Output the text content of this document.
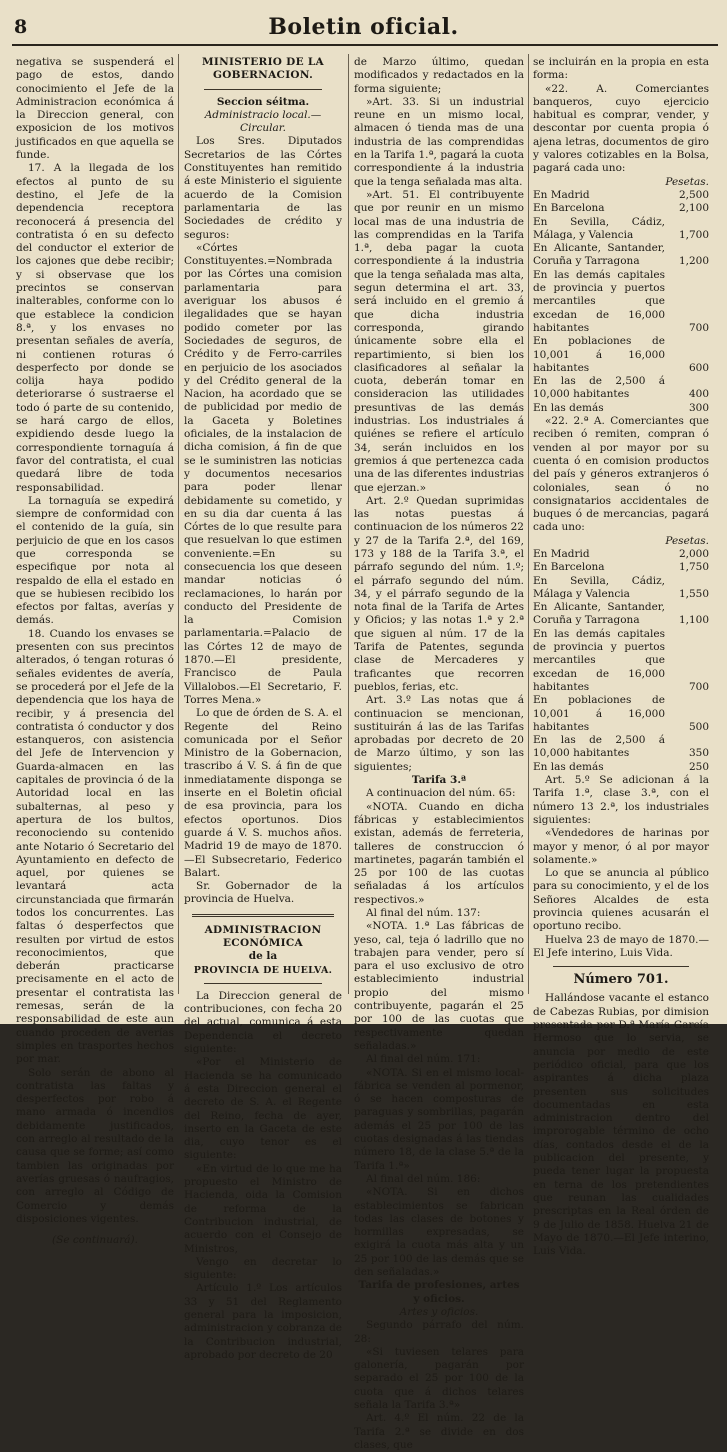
8	Boletin oficial.

negativa se suspenderá el pago de estos, dando conocimiento el Jefe de la Administracion económica á la Direccion general, con exposicion de los motivos justificados en que aquella se funde.

17. A la llegada de los efectos al punto de su destino, el Jefe de la dependencia receptora reconocerá á presencia del contratista ó en su defecto del conductor el exterior de los cajones que debe recibir; y si observase que los precintos se conservan inalterables, conforme con lo que establece la condicion 8.ª, y los envases no presentan señales de avería, ni contienen roturas ó desperfecto por donde se colija haya podido deteriorarse ó sustraerse el todo ó parte de su contenido, se hará cargo de ellos, expidiendo desde luego la correspondiente tornaguía á favor del contratista, el cual quedará libre de toda responsabilidad.

La tornaguía se expedirá siempre de conformidad con el contenido de la guía, sin perjuicio de que en los casos que corresponda se especifique por nota al respaldo de ella el estado en que se hubiesen recibido los efectos por faltas, averías y demás.

18. Cuando los envases se presenten con sus precintos alterados, ó tengan roturas ó señales evidentes de avería, se procederá por el Jefe de la dependencia que los haya de recibir, y á presencia del contratista ó conductor y dos estanqueros, con asistencia del Jefe de Intervencion y Guarda-almacen en las capitales de provincia ó de la Autoridad local en las subalternas, al peso y apertura de los bultos, reconociendo su contenido ante Notario ó Secretario del Ayuntamiento en defecto de aquel, por quienes se levantará acta circunstanciada que firmarán todos los concurrentes. Las faltas ó desperfectos que resulten por virtud de estos reconocimientos, que deberán practicarse precisamente en el acto de presentar el contratista las remesas, serán de la responsabilidad de este aun cuando proceden de averías simples en trasportes hechos por mar.

Solo serán de abono al contratista las faltas y desperfectos por robo á mano armada ó incendios debidamente justificados, con arreglo al resultado de la causa que se forme; así como tambien las originadas por averías gruesas ó naufragios, con arreglo al Código de Comercio y demás disposiciones vigentes.

(Se continuará).

MINISTERIO DE LA GOBERNACION.

Seccion séitma.

Administracio local.—Circular.

Los Sres. Diputados Secretarios de las Córtes Constituyentes han remitido á este Ministerio el siguiente acuerdo de la Comision parlamentaria de las Sociedades de crédito y seguros:

«Córtes Constituyentes.=Nombrada por las Córtes una comision parlamentaria para averiguar los abusos é ilegalidades que se hayan podido cometer por las Sociedades de seguros, de Crédito y de Ferro-carriles en perjuicio de los asociados y del Crédito general de la Nacion, ha acordado que se de publicidad por medio de la Gaceta y Boletines oficiales, de la instalacion de dicha comision, á fin de que se le suministren las noticias y documentos necesarios para poder llenar debidamente su cometido, y en su dia dar cuenta á las Córtes de lo que resulte para que resuelvan lo que estimen conveniente.=En su consecuencia los que deseen mandar noticias ó reclamaciones, lo harán por conducto del Presidente de la Comision parlamentaria.=Palacio de las Córtes 12 de mayo de 1870.—El presidente, Francisco de Paula Villalobos.—El Secretario, F. Torres Mena.»

Lo que de órden de S. A. el Regente del Reino comunicada por el Señor Ministro de la Gobernacion, trascribo á V. S. á fin de que inmediatamente disponga se inserte en el Boletin oficial de esa provincia, para los efectos oportunos. Dios guarde á V. S. muchos años. Madrid 19 de mayo de 1870.—El Subsecretario, Federico Balart.

Sr. Gobernador de la provincia de Huelva.

ADMINISTRACION ECONÓMICA

de la

PROVINCIA DE HUELVA.

La Direccion general de contribuciones, con fecha 20 del actual, comunica á esta Dependencia el decreto siguiente:

«Por el Ministerio de Hacienda se ha comunicado á esta Direccion general el decreto de S. A. el Regente del Reino, fecha de ayer, inserto en la Gaceta de este dia, cuyo tenor es el siguiente:

«En virtud de lo que me ha propuesto el Ministro de Hacienda, oida la Comision de reforma de la Contribucion industrial, de acuerdo con el Consejo de Ministros,

Vengo en decretar lo siguiente:

Artículo 1.º Los artículos 33 y 51 del Reglamento general para la imposicion, administracion y cobranza de la Contribucion industrial, aprobado por decreto de 20

de Marzo último, quedan modificados y redactados en la forma siguiente;

»Art. 33. Si un industrial reune en un mismo local, almacen ó tienda mas de una industria de las comprendidas en la Tarifa 1.ª, pagará la cuota correspondiente á la industria que la tenga señalada mas alta.

»Art. 51. El contribuyente que por reunir en un mismo local mas de una industria de las comprendidas en la Tarifa 1.ª, deba pagar la cuota correspondiente á la industria que la tenga señalada mas alta, segun determina el art. 33, será incluido en el gremio á que dicha industria corresponda, girando únicamente sobre ella el repartimiento, si bien los clasificadores al señalar la cuota, deberán tomar en consideracion las utilidades presuntivas de las demás industrias. Los industriales á quiénes se refiere el artículo 34, serán incluidos en los gremios á que pertenezca cada una de las diferentes industrias que ejerzan.»

Art. 2.º Quedan suprimidas las notas puestas á continuacion de los números 22 y 27 de la Tarifa 2.ª, del 169, 173 y 188 de la Tarifa 3.ª, el párrafo segundo del núm. 1.º; el párrafo segundo del núm. 34, y el párrafo segundo de la nota final de la Tarifa de Artes y Oficios; y las notas 1.ª y 2.ª que siguen al núm. 17 de la Tarifa de Patentes, segunda clase de Mercaderes y traficantes que recorren pueblos, ferias, etc.

Art. 3.º Las notas que á continuacion se mencionan, sustituirán á las de las Tarifas aprobadas por decreto de 20 de Marzo último, y son las siguientes;

Tarifa 3.ª

A continuacion del núm. 65:

«NOTA. Cuando en dicha fábricas y establecimientos existan, además de ferreteria, talleres de construccion ó martinetes, pagarán también el 25 por 100 de las cuotas señaladas á los artículos respectivos.»

Al final del núm. 137:

«NOTA. 1.ª Las fábricas de yeso, cal, teja ó ladrillo que no trabajen para vender, pero sí para el uso exclusivo de otro establecimiento industrial propio del mismo contribuyente, pagarán el 25 por 100 de las cuotas que respectivamente quedan señaladas.»

Al final del núm. 171:

«NOTA. Si en el mismo local-fábrica se venden al pormenor, ó se hacen composturas de paraguas y sombrillas, pagarán además el 25 por 100 de las cuotas designadas á las tiendas número 18, de la clase 5.ª de la Tarifa 1.ª»

Al final del núm. 186:

«NOTA. Si en dichos establecimientos se fabrican todas las clases de botones y hormillas expresadas, se exigirá la cuota más alta y un 25 por 100 de las demás que se den señaladas.»

Tarifa de profesiones, artes y oficios.

Artes y oficios.

Segundo párrafo del núm. 28:

«Si tuviesen telares para galonería, pagarán por separado el 25 por 100 de la cuota que á dichos telares señala la Tarifa 3.ª»

Art. 4.º El núm. 22 de la Tarifa 2.ª se divide en dos clases, que

se incluirán en la propia en esta forma:

«22. A. Comerciantes banqueros, cuyo ejercicio habitual es comprar, vender, y descontar por cuenta propia ó ajena letras, documentos de giro y valores cotizables en la Bolsa, pagará cada uno:

	Pesetas.
En Madrid	2,500
En Barcelona	2,100
En Sevilla, Cádiz, Málaga, y Valencia	1,700
En Alicante, Santander, Coruña y Tarragona	1,200
En las demás capitales de provincia y puertos mercantiles que excedan de 16,000 habitantes	700
En poblaciones de 10,001 á 16,000 habitantes	600
En las de 2,500 á 10,000 habitantes	400
En las demás	300

«22. 2.ª A. Comerciantes que reciben ó remiten, compran ó venden al por mayor por su cuenta ó en comision productos del país y géneros extranjeros ó coloniales, sean ó no consignatarios accidentales de buques ó de mercancias, pagará cada uno:

	Pesetas.
En Madrid	2,000
En Barcelona	1,750
En Sevilla, Cádiz, Málaga y Valencia	1,550
En Alicante, Santander, Coruña y Tarragona	1,100
En las demás capitales de provincia y puertos mercantiles que excedan de 16,000 habitantes	700
En poblaciones de 10,001 á 16,000 habitantes	500
En las de 2,500 á 10,000 habitantes	350
En las demás	250

Art. 5.º Se adicionan á la Tarifa 1.ª, clase 3.ª, con el número 13 2.ª, los industriales siguientes:

«Vendedores de harinas por mayor y menor, ó al por mayor solamente.»

Lo que se anuncia al público para su conocimiento, y el de los Señores Alcaldes de esta provincia quienes acusarán el oportuno recibo.

Huelva 23 de mayo de 1870.—El Jefe interino, Luis Vida.

Número 701.

Hallándose vacante el estanco de Cabezas Rubias, por dimision presentada por D.ª María García Hermoso que lo servia, se anuncia por medio de este periódico oficial, para que los aspirantes á dicha plaza presenten sus solicitudes documentadas en esta administracion dentro del improrogable término de ocho días, contados desde el de la publicacion del presente, y pueda tener lugar la propuesta en terna de los pretendientes que reunan las cualidades prescriptas en la Real órden de 9 de Julio de 1858. Huelva 21 de Mayo de 1870.—El Jefe interino, Luis Vida.
